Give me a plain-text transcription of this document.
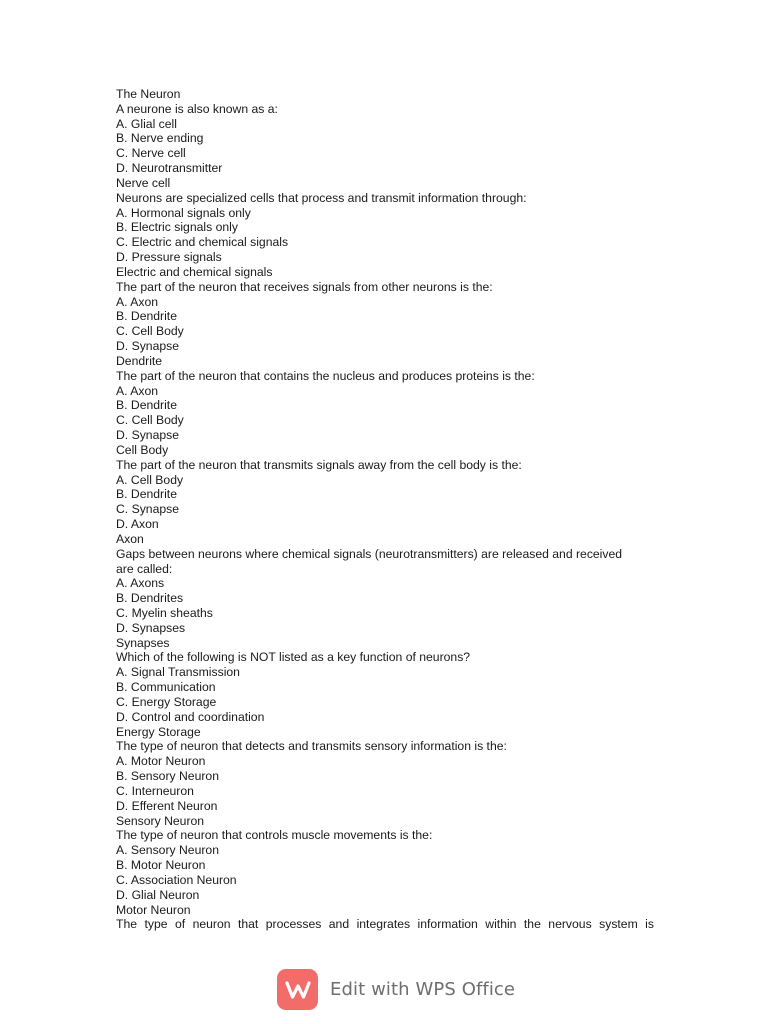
The Neuron
A neurone is also known as a:
A. Glial cell
B. Nerve ending
C. Nerve cell
D. Neurotransmitter
Nerve cell
Neurons are specialized cells that process and transmit information through:
A. Hormonal signals only
B. Electric signals only
C. Electric and chemical signals
D. Pressure signals
Electric and chemical signals
The part of the neuron that receives signals from other neurons is the:
A. Axon
B. Dendrite
C. Cell Body
D. Synapse
Dendrite
The part of the neuron that contains the nucleus and produces proteins is the:
A. Axon
B. Dendrite
C. Cell Body
D. Synapse
Cell Body
The part of the neuron that transmits signals away from the cell body is the:
A. Cell Body
B. Dendrite
C. Synapse
D. Axon
Axon
Gaps between neurons where chemical signals (neurotransmitters) are released and received
are called:
A. Axons
B. Dendrites
C. Myelin sheaths
D. Synapses
Synapses
Which of the following is NOT listed as a key function of neurons?
A. Signal Transmission
B. Communication
C. Energy Storage
D. Control and coordination
Energy Storage
The type of neuron that detects and transmits sensory information is the:
A. Motor Neuron
B. Sensory Neuron
C. Interneuron
D. Efferent Neuron
Sensory Neuron
The type of neuron that controls muscle movements is the:
A. Sensory Neuron
B. Motor Neuron
C. Association Neuron
D. Glial Neuron
Motor Neuron
The type of neuron that processes and integrates information within the nervous system is
Edit with WPS Office
